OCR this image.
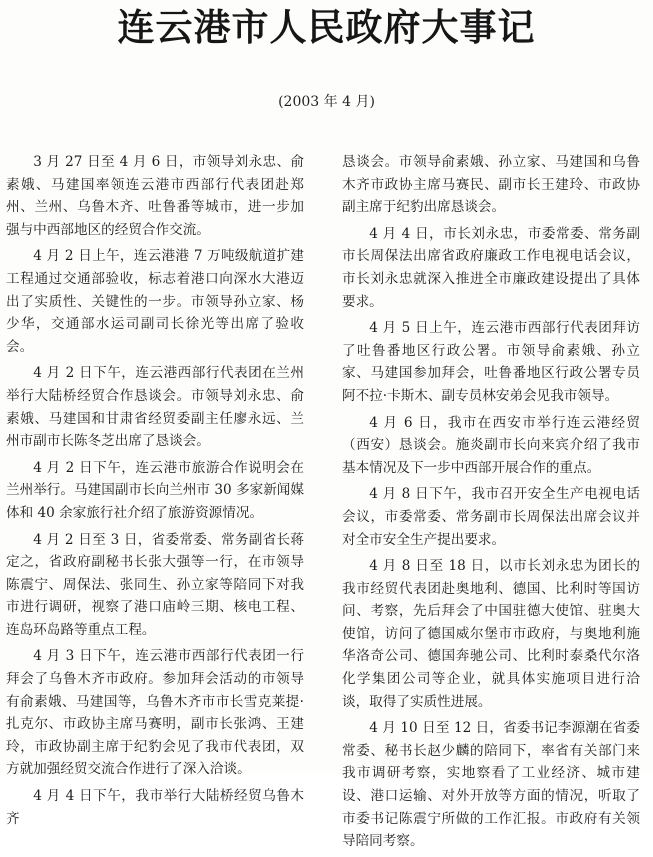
连云港市人民政府大事记
(2003 年 4 月)

3 月 27 日至 4 月 6 日，市领导刘永忠、俞素娥、马建国率领连云港市西部行代表团赴郑州、兰州、乌鲁木齐、吐鲁番等城市，进一步加强与中西部地区的经贸合作交流。

4 月 2 日上午，连云港港 7 万吨级航道扩建工程通过交通部验收，标志着港口向深水大港迈出了实质性、关键性的一步。市领导孙立家、杨少华，交通部水运司副司长徐光等出席了验收会。

4 月 2 日下午，连云港西部行代表团在兰州举行大陆桥经贸合作恳谈会。市领导刘永忠、俞素娥、马建国和甘肃省经贸委副主任廖永远、兰州市副市长陈冬芝出席了恳谈会。

4 月 2 日下午，连云港市旅游合作说明会在兰州举行。马建国副市长向兰州市 30 多家新闻媒体和 40 余家旅行社介绍了旅游资源情况。

4 月 2 日至 3 日，省委常委、常务副省长蒋定之，省政府副秘书长张大强等一行，在市领导陈震宁、周保法、张同生、孙立家等陪同下对我市进行调研，视察了港口庙岭三期、核电工程、连岛环岛路等重点工程。

4 月 3 日下午，连云港市西部行代表团一行拜会了乌鲁木齐市政府。参加拜会活动的市领导有俞素娥、马建国等，乌鲁木齐市市长雪克莱提·扎克尔、市政协主席马赛明，副市长张鸿、王建玲，市政协副主席于纪豹会见了我市代表团，双方就加强经贸交流合作进行了深入洽谈。

4 月 4 日下午，我市举行大陆桥经贸乌鲁木齐

恳谈会。市领导俞素娥、孙立家、马建国和乌鲁木齐市政协主席马赛民、副市长王建玲、市政协副主席于纪豹出席恳谈会。

4 月 4 日，市长刘永忠，市委常委、常务副市长周保法出席省政府廉政工作电视电话会议，市长刘永忠就深入推进全市廉政建设提出了具体要求。

4 月 5 日上午，连云港市西部行代表团拜访了吐鲁番地区行政公署。市领导俞素娥、孙立家、马建国参加拜会，吐鲁番地区行政公署专员阿不拉·卡斯木、副专员林安弟会见我市领导。

4 月 6 日，我市在西安市举行连云港经贸（西安）恳谈会。施炎副市长向来宾介绍了我市基本情况及下一步中西部开展合作的重点。

4 月 8 日下午，我市召开安全生产电视电话会议，市委常委、常务副市长周保法出席会议并对全市安全生产提出要求。

4 月 8 日至 18 日，以市长刘永忠为团长的我市经贸代表团赴奥地利、德国、比利时等国访问、考察，先后拜会了中国驻德大使馆、驻奥大使馆，访问了德国威尔堡市市政府，与奥地利施华洛奇公司、德国奔驰公司、比利时泰桑代尔洛化学集团公司等企业，就具体实施项目进行洽谈，取得了实质性进展。

4 月 10 日至 12 日，省委书记李源潮在省委常委、秘书长赵少麟的陪同下，率省有关部门来我市调研考察，实地察看了工业经济、城市建设、港口运输、对外开放等方面的情况，听取了市委书记陈震宁所做的工作汇报。市政府有关领导陪同考察。
